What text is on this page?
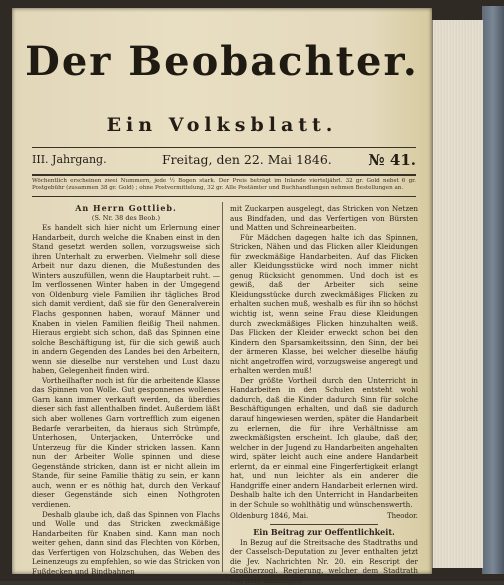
Der Beobachter.
Ein Volksblatt.
III. Jahrgang.	Freitag, den 22. Mai 1846. № 41.
Wöchentlich erscheinen zwei Nummern, jede ½ Bogen stark. Der Preis beträgt im Inlande vierteljährl. 32 gr. Gold nebst 6 gr. Postgebühr (zusammen 38 gr. Gold) ; ohne Postvermittelung, 32 gr. Alle Postämter und Buchhandlungen nehmen Bestellungen an.

An Herrn Gottlieb.

(S. Nr. 38 des Beob.)

Es handelt sich hier nicht um Erlernung einer Handarbeit, durch welche die Knaben einst in den Stand gesetzt werden sollen, vorzugsweise sich ihren Unterhalt zu erwerben. Vielmehr soll diese Arbeit nur dazu dienen, die Mußestunden des Winters auszufüllen, wenn die Hauptarbeit ruht. — Im verflossenen Winter haben in der Umgegend von Oldenburg viele Familien ihr tägliches Brod sich damit verdient, daß sie für den Generalverein Flachs gesponnen haben, worauf Männer und Knaben in vielen Familien fleißig Theil nahmen. Hieraus ergiebt sich schon, daß das Spinnen eine solche Beschäftigung ist, für die sich gewiß auch in andern Gegenden des Landes bei den Arbeitern, wenn sie dieselbe nur verstehen und Lust dazu haben, Gelegenheit finden wird.

Vortheilhafter noch ist für die arbeitende Klasse das Spinnen von Wolle. Gut gesponnenes wollenes Garn kann immer verkauft werden, da überdies dieser sich fast allenthalben findet. Außerdem läßt sich aber wollenes Garn vortrefflich zum eigenen Bedarfe verarbeiten, da hieraus sich Strümpfe, Unterhosen, Unterjacken, Unterröcke und Unterzeug für die Kinder stricken lassen. Kann nun der Arbeiter Wolle spinnen und diese Gegenstände stricken, dann ist er nicht allein im Stande, für seine Familie thätig zu sein, er kann auch, wenn er es nöthig hat, durch den Verkauf dieser Gegenstände sich einen Nothgroten verdienen.

Deshalb glaube ich, daß das Spinnen von Flachs und Wolle und das Stricken zweckmäßige Handarbeiten für Knaben sind. Kann man noch weiter gehen, dann sind das Flechten von Körben, das Verfertigen von Holzschuhen, das Weben des Leinenzeugs zu empfehlen, so wie das Stricken von Fußdecken und Bindbahnen

mit Zuckarpen ausgelegt, das Stricken von Netzen aus Bindfaden, und das Verfertigen von Bürsten und Matten und Schreinearbeiten.

Für Mädchen dagegen halte ich das Spinnen, Stricken, Nähen und das Flicken aller Kleidungen für zweckmäßige Handarbeiten. Auf das Flicken aller Kleidungsstücke wird noch immer nicht genug Rücksicht genommen. Und doch ist es gewiß, daß der Arbeiter sich seine Kleidungsstücke durch zweckmäßiges Flicken zu erhalten suchen muß, weshalb es für ihn so höchst wichtig ist, wenn seine Frau diese Kleidungen durch zweckmäßiges Flicken hinzuhalten weiß. Das Flicken der Kleider erweckt schon bei den Kindern den Sparsamkeitssinn, den Sinn, der bei der ärmeren Klasse, bei welcher dieselbe häufig nicht angetroffen wird, vorzugsweise angeregt und erhalten werden muß!

Der größte Vortheil durch den Unterricht in Handarbeiten in den Schulen entsteht wohl dadurch, daß die Kinder dadurch Sinn für solche Beschäftigungen erhalten, und daß sie dadurch darauf hingewiesen werden, später die Handarbeit zu erlernen, die für ihre Verhältnisse am zweckmäßigsten erscheint. Ich glaube, daß der, welcher in der Jugend zu Handarbeiten angehalten wird, später leicht auch eine andere Handarbeit erlernt, da er einmal eine Fingerfertigkeit erlangt hat, und nun leichter als ein anderer die Handgriffe einer andern Handarbeit erlernen wird. Deshalb halte ich den Unterricht in Handarbeiten in der Schule so wohlthätig und wünschenswerth.

Oldenburg 1846, Mai.	Theodor.

Ein Beitrag zur Oeffentlichkeit.

In Bezug auf die Streitsache des Stadtraths und der Casselsch-Deputation zu Jever enthalten jetzt die Jev. Nachrichten Nr. 20. ein Rescript der Großherzogl. Regierung, welcher dem Stadtrath von dem damaligen
